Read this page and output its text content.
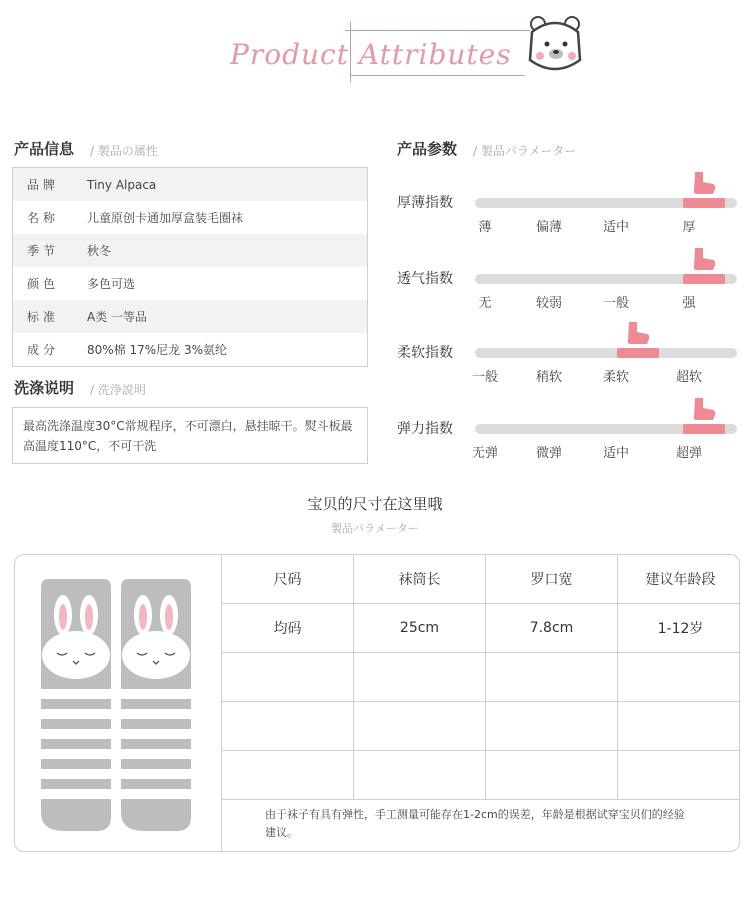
Product Attributes
产品信息 / 製品の属性
品牌	Tiny Alpaca
名称	儿童原创卡通加厚盒装毛圈袜
季节	秋冬
颜色	多色可选
标准	A类 一等品
成分	80%棉 17%尼龙 3%氨纶
洗涤说明 / 洗浄説明
最高洗涤温度30°C常规程序，不可漂白，悬挂晾干。熨斗板最高温度110°C，不可干洗
产品参数 / 製品パラメーター
厚薄指数
薄	偏薄	适中	厚
透气指数
无	较弱	一般	强
柔软指数
一般	稍软	柔软	超软
弹力指数
无弹	微弹	适中	超弹
宝贝的尺寸在这里哦
製品パラメーター
尺码	袜筒长	罗口宽	建议年龄段
均码	25cm	7.8cm	1-12岁
由于袜子有具有弹性，手工测量可能存在1-2cm的误差，年龄是根据试穿宝贝们的经验建议。
